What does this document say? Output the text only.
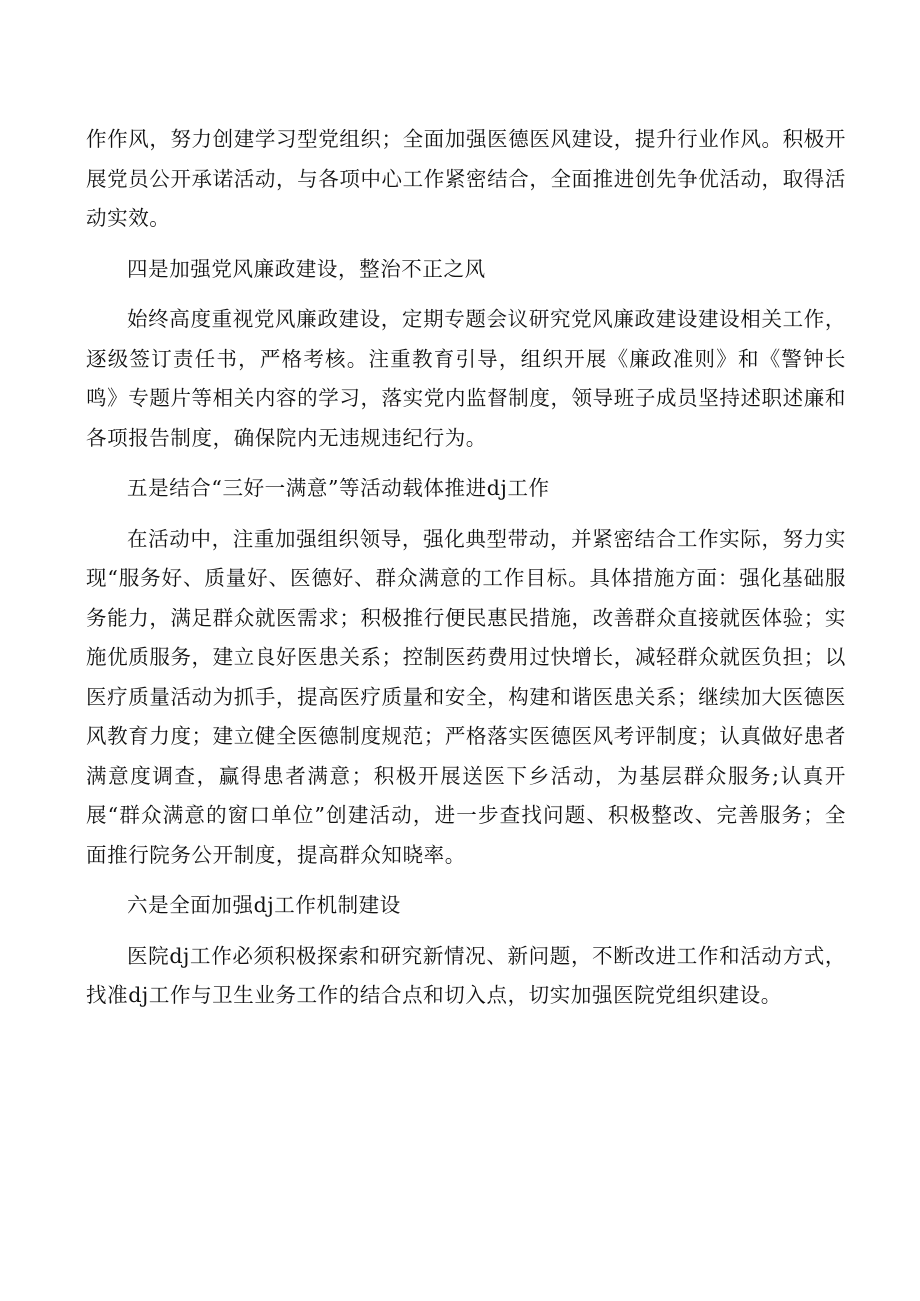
作作风，努力创建学习型党组织；全面加强医德医风建设，提升行业作风。积极开展党员公开承诺活动，与各项中心工作紧密结合，全面推进创先争优活动，取得活动实效。

四是加强党风廉政建设，整治不正之风

始终高度重视党风廉政建设，定期专题会议研究党风廉政建设建设相关工作，逐级签订责任书，严格考核。注重教育引导，组织开展《廉政准则》和《警钟长鸣》专题片等相关内容的学习，落实党内监督制度，领导班子成员坚持述职述廉和各项报告制度，确保院内无违规违纪行为。

五是结合“三好一满意”等活动载体推进dj工作

在活动中，注重加强组织领导，强化典型带动，并紧密结合工作实际，努力实现“服务好、质量好、医德好、群众满意的工作目标。具体措施方面：强化基础服务能力，满足群众就医需求；积极推行便民惠民措施，改善群众直接就医体验；实施优质服务，建立良好医患关系；控制医药费用过快增长，减轻群众就医负担；以医疗质量活动为抓手，提高医疗质量和安全，构建和谐医患关系；继续加大医德医风教育力度；建立健全医德制度规范；严格落实医德医风考评制度；认真做好患者满意度调查，赢得患者满意；积极开展送医下乡活动，为基层群众服务;认真开展“群众满意的窗口单位”创建活动，进一步查找问题、积极整改、完善服务；全面推行院务公开制度，提高群众知晓率。

六是全面加强dj工作机制建设

医院dj工作必须积极探索和研究新情况、新问题，不断改进工作和活动方式，找准dj工作与卫生业务工作的结合点和切入点，切实加强医院党组织建设。
